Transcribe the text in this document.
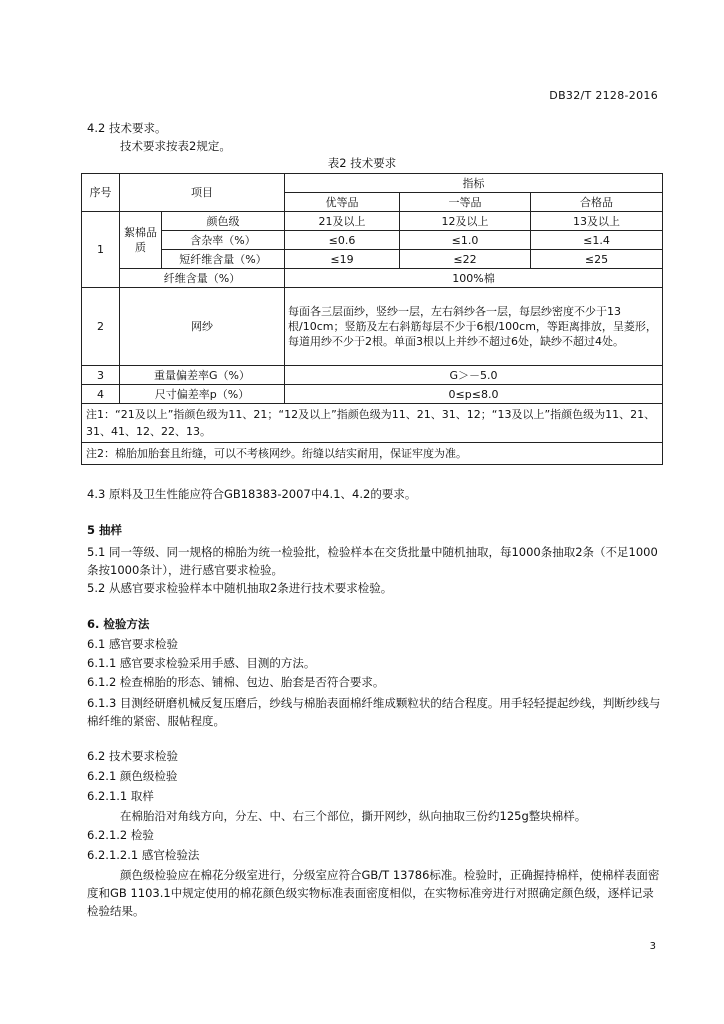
DB32/T 2128-2016
4.2 技术要求。
技术要求按表2规定。
表2 技术要求
序号	项目		指标		
			优等品	一等品	合格品
1	絮棉品质	颜色级	21及以上	12及以上	13及以上
		含杂率（%）	≤0.6	≤1.0	≤1.4
		短纤维含量（%）	≤19	≤22	≤25
	纤维含量（%）		100%棉		
2	网纱		每面各三层面纱，竖纱一层，左右斜纱各一层，每层纱密度不少于13根/10cm；竖筋及左右斜筋每层不少于6根/100cm，等距离排放，呈菱形，每道用纱不少于2根。单面3根以上并纱不超过6处，缺纱不超过4处。		
3	重量偏差率G（%）		G＞－5.0		
4	尺寸偏差率p（%）		0≤p≤8.0		
注1：“21及以上”指颜色级为11、21；“12及以上”指颜色级为11、21、31、12；“13及以上”指颜色级为11、21、31、41、12、22、13。					
注2：棉胎加胎套且绗缝，可以不考核网纱。绗缝以结实耐用，保证牢度为准。					
4.3 原料及卫生性能应符合GB18383-2007中4.1、4.2的要求。
5 抽样
5.1 同一等级、同一规格的棉胎为统一检验批，检验样本在交货批量中随机抽取，每1000条抽取2条（不足1000条按1000条计），进行感官要求检验。
5.2 从感官要求检验样本中随机抽取2条进行技术要求检验。
6. 检验方法
6.1 感官要求检验
6.1.1 感官要求检验采用手感、目测的方法。
6.1.2 检查棉胎的形态、铺棉、包边、胎套是否符合要求。
6.1.3 目测经研磨机械反复压磨后，纱线与棉胎表面棉纤维成颗粒状的结合程度。用手轻轻提起纱线，判断纱线与棉纤维的紧密、服帖程度。
6.2 技术要求检验
6.2.1 颜色级检验
6.2.1.1 取样
在棉胎沿对角线方向，分左、中、右三个部位，撕开网纱，纵向抽取三份约125g整块棉样。
6.2.1.2 检验
6.2.1.2.1 感官检验法
颜色级检验应在棉花分级室进行，分级室应符合GB/T 13786标准。检验时，正确握持棉样，使棉样表面密度和GB 1103.1中规定使用的棉花颜色级实物标准表面密度相似，在实物标准旁进行对照确定颜色级，逐样记录检验结果。
3
